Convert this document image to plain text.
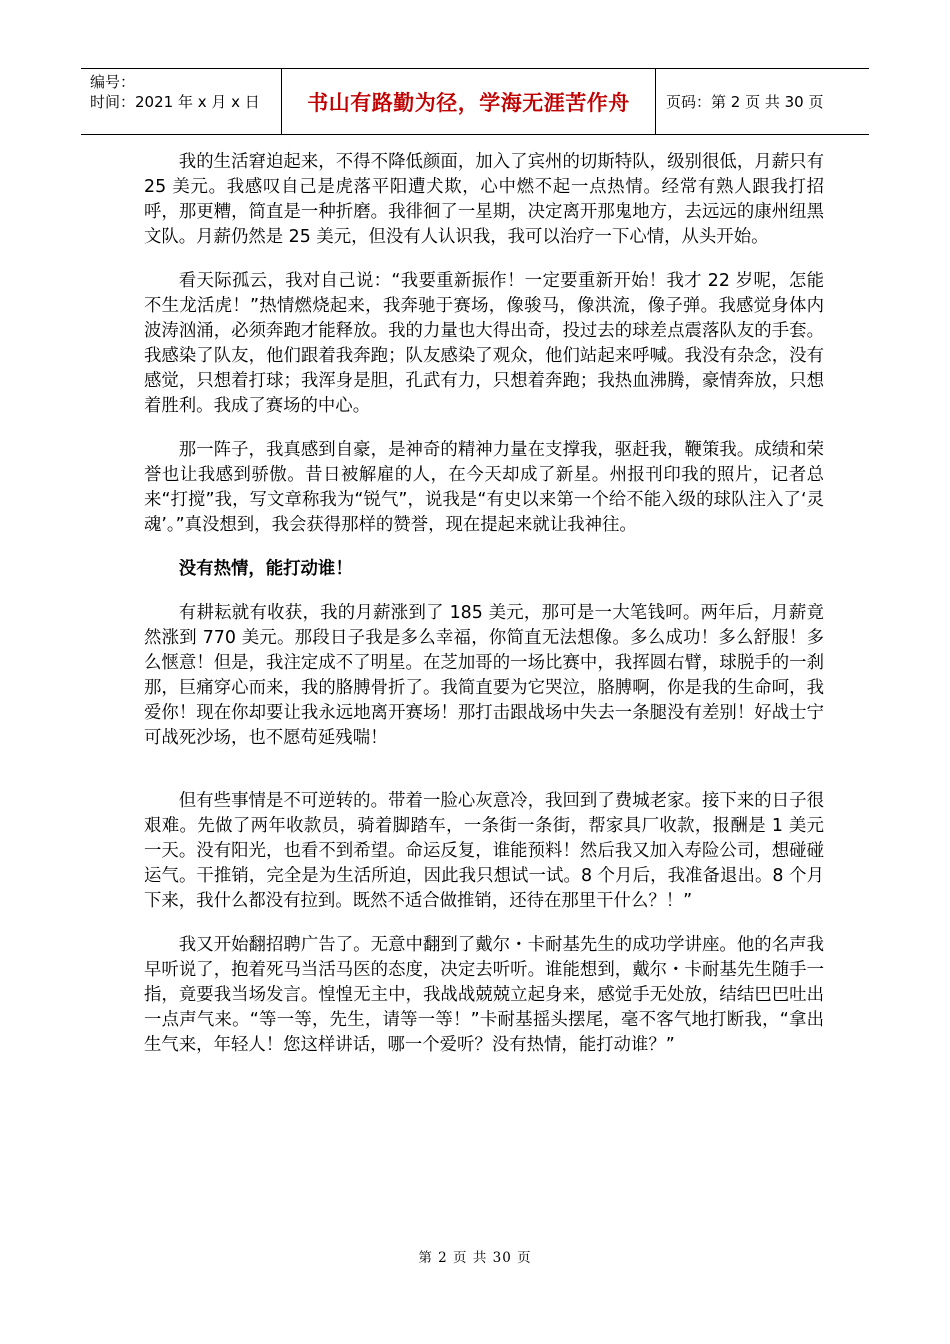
编号：
时间：2021 年 x 月 x 日	书山有路勤为径，学海无涯苦作舟	页码：第 2 页 共 30 页

我的生活窘迫起来，不得不降低颜面，加入了宾州的切斯特队，级别很低，月薪只有 25 美元。我感叹自己是虎落平阳遭犬欺，心中燃不起一点热情。经常有熟人跟我打招呼，那更糟，简直是一种折磨。我徘徊了一星期，决定离开那鬼地方，去远远的康州纽黑文队。月薪仍然是 25 美元，但没有人认识我，我可以治疗一下心情，从头开始。

看天际孤云，我对自己说：“我要重新振作！一定要重新开始！我才 22 岁呢，怎能不生龙活虎！”热情燃烧起来，我奔驰于赛场，像骏马，像洪流，像子弹。我感觉身体内波涛汹涌，必须奔跑才能释放。我的力量也大得出奇，投过去的球差点震落队友的手套。我感染了队友，他们跟着我奔跑；队友感染了观众，他们站起来呼喊。我没有杂念，没有感觉，只想着打球；我浑身是胆，孔武有力，只想着奔跑；我热血沸腾，豪情奔放，只想着胜利。我成了赛场的中心。

那一阵子，我真感到自豪，是神奇的精神力量在支撑我，驱赶我，鞭策我。成绩和荣誉也让我感到骄傲。昔日被解雇的人，在今天却成了新星。州报刊印我的照片，记者总来“打搅”我，写文章称我为“锐气”，说我是“有史以来第一个给不能入级的球队注入了‘灵魂’。”真没想到，我会获得那样的赞誉，现在提起来就让我神往。

没有热情，能打动谁！

有耕耘就有收获，我的月薪涨到了 185 美元，那可是一大笔钱呵。两年后，月薪竟然涨到 770 美元。那段日子我是多么幸福，你简直无法想像。多么成功！多么舒服！多么惬意！但是，我注定成不了明星。在芝加哥的一场比赛中，我挥圆右臂，球脱手的一刹那，巨痛穿心而来，我的胳膊骨折了。我简直要为它哭泣，胳膊啊，你是我的生命呵，我爱你！现在你却要让我永远地离开赛场！那打击跟战场中失去一条腿没有差别！好战士宁可战死沙场，也不愿苟延残喘！

但有些事情是不可逆转的。带着一脸心灰意冷，我回到了费城老家。接下来的日子很艰难。先做了两年收款员，骑着脚踏车，一条街一条街，帮家具厂收款，报酬是 1 美元一天。没有阳光，也看不到希望。命运反复，谁能预料！然后我又加入寿险公司，想碰碰运气。干推销，完全是为生活所迫，因此我只想试一试。8 个月后，我准备退出。8 个月下来，我什么都没有拉到。既然不适合做推销，还待在那里干什么？！”

我又开始翻招聘广告了。无意中翻到了戴尔・卡耐基先生的成功学讲座。他的名声我早听说了，抱着死马当活马医的态度，决定去听听。谁能想到，戴尔・卡耐基先生随手一指，竟要我当场发言。惶惶无主中，我战战兢兢立起身来，感觉手无处放，结结巴巴吐出一点声气来。“等一等，先生，请等一等！”卡耐基摇头摆尾，毫不客气地打断我，“拿出生气来，年轻人！您这样讲话，哪一个爱听？没有热情，能打动谁？”

第 2 页 共 30 页
